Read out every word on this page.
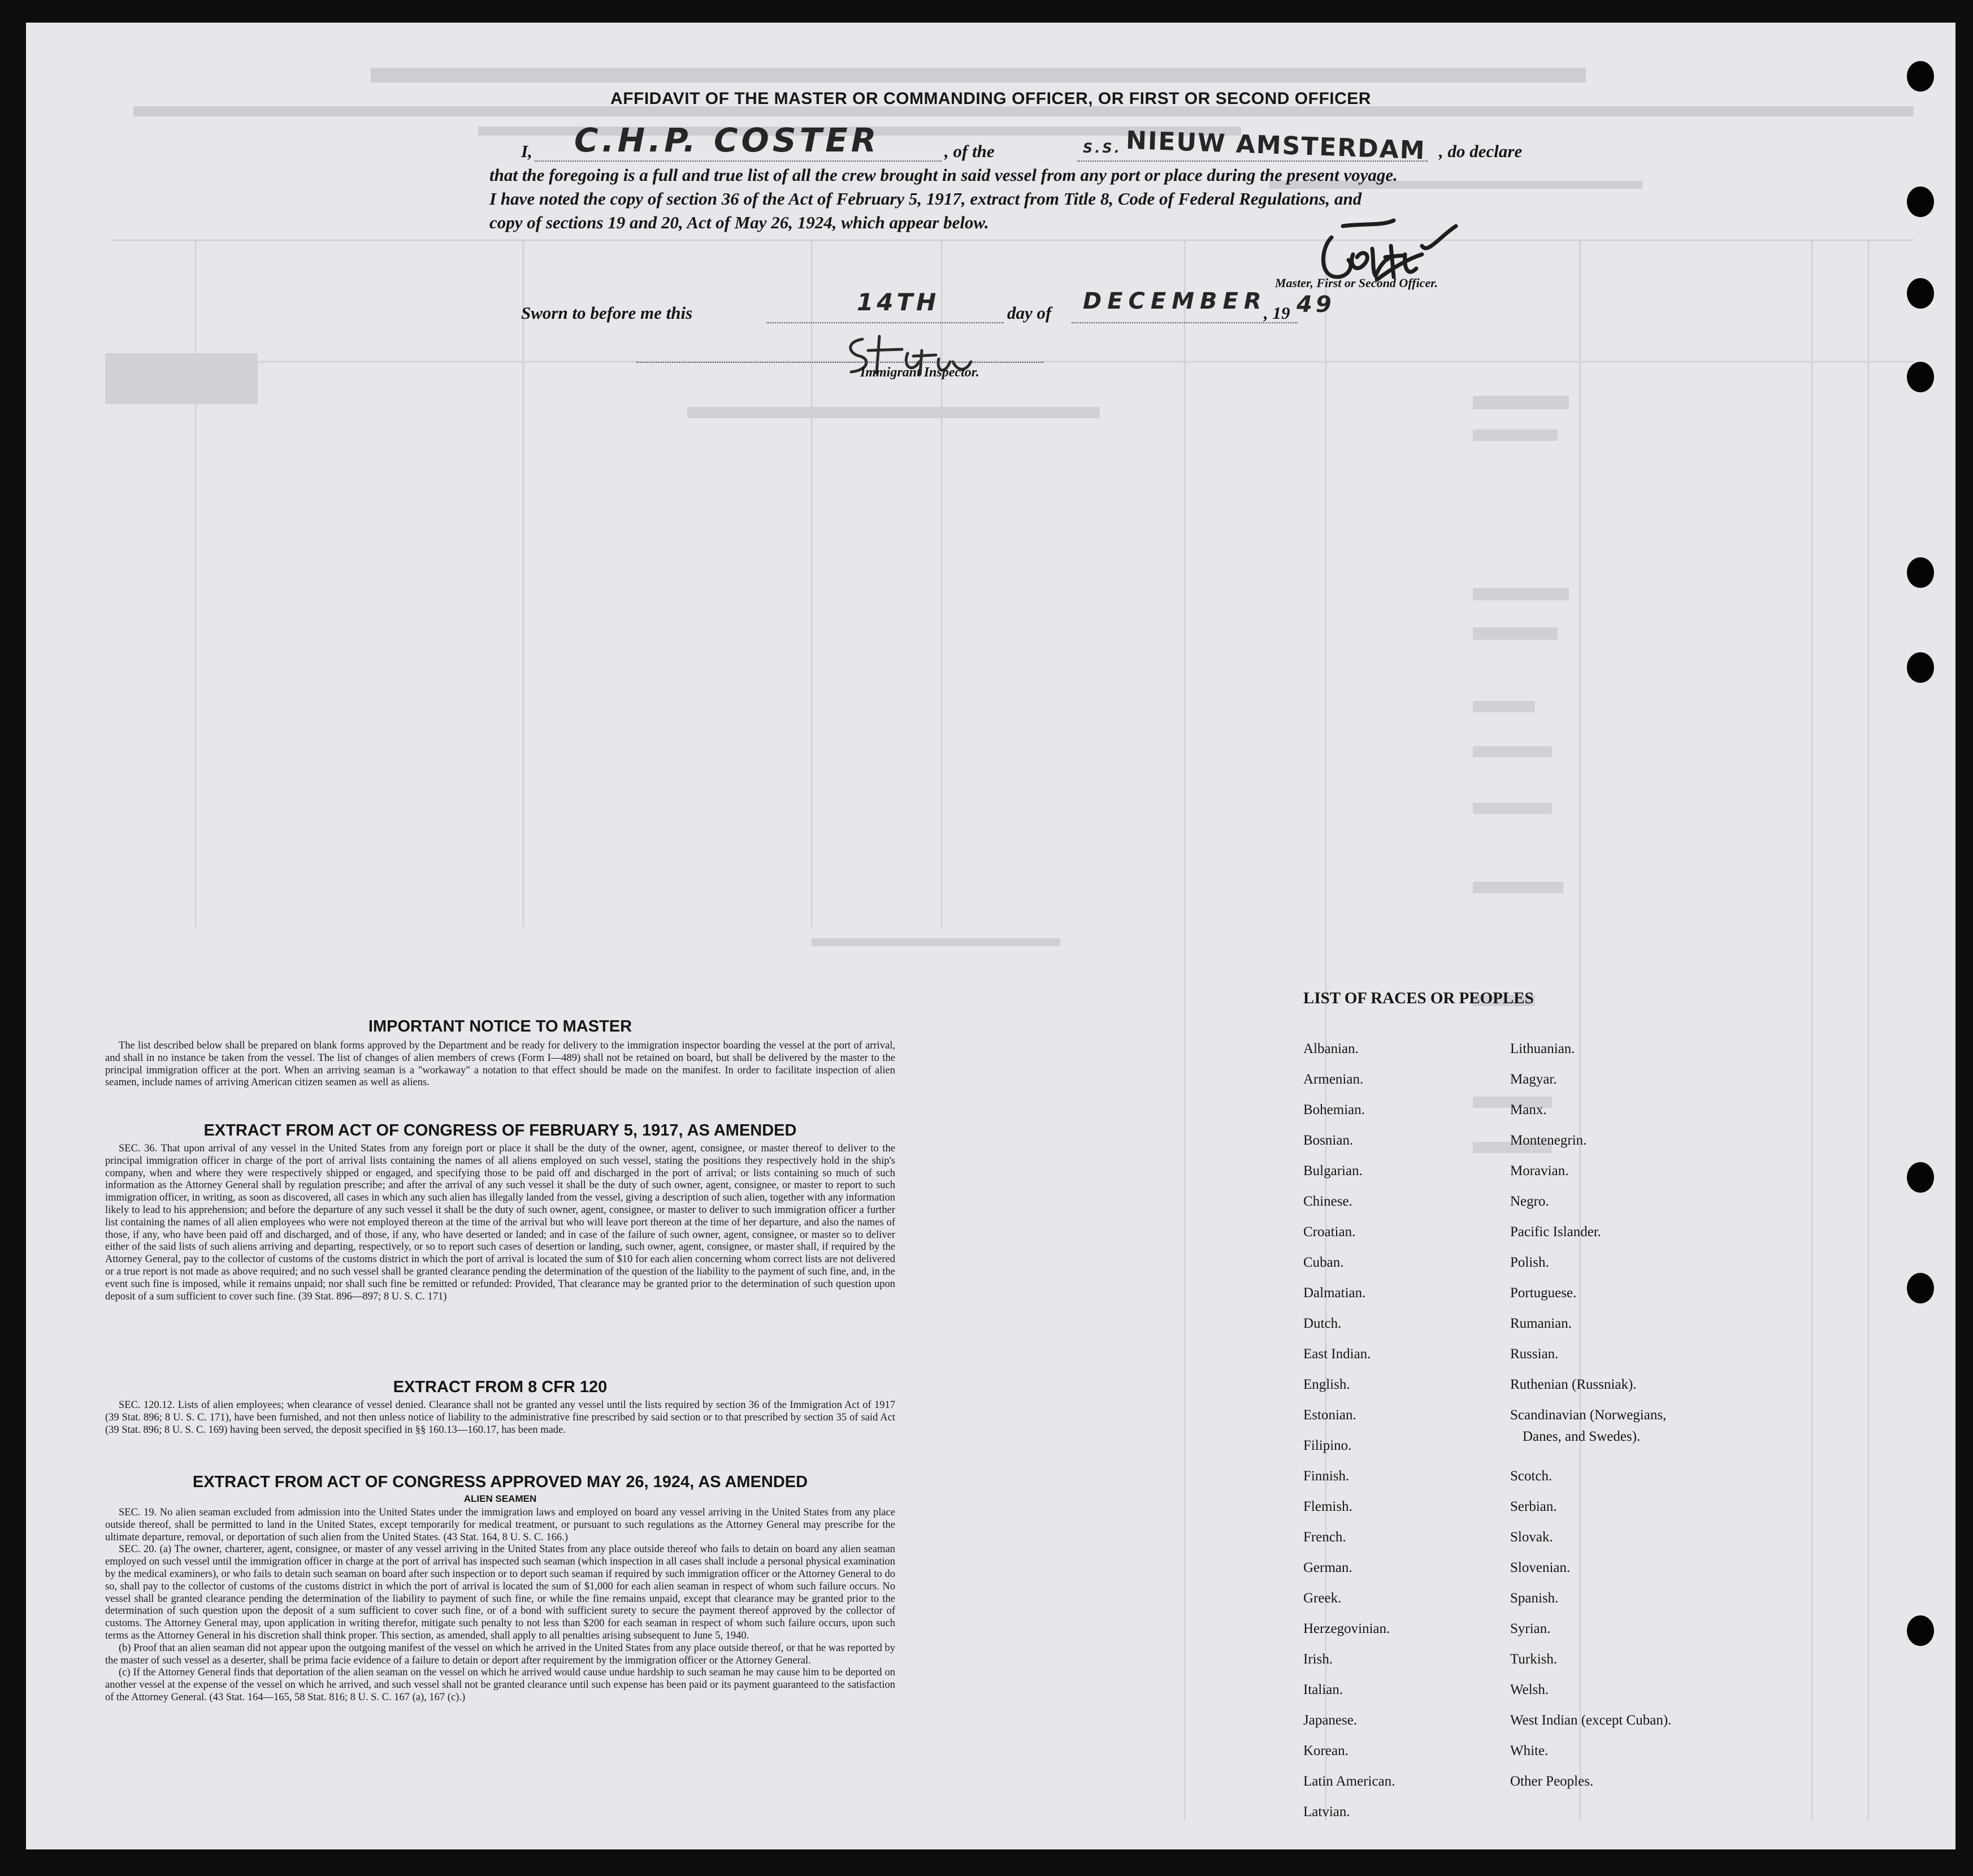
AFFIDAVIT OF THE MASTER OR COMMANDING OFFICER, OR FIRST OR SECOND OFFICER
I, C.H.P. COSTER	, of the	S.S. NIEUW AMSTERDAM , do declare
that the foregoing is a full and true list of all the crew brought in said vessel from any port or place during the present voyage.
I have noted the copy of section 36 of the Act of February 5, 1917, extract from Title 8, Code of Federal Regulations, and
copy of sections 19 and 20, Act of May 26, 1924, which appear below.
Master, First or Second Officer.
Sworn to before me this	14TH	day of DECEMBER
, 19 49
Immigrant Inspector.
IMPORTANT NOTICE TO MASTER

The list described below shall be prepared on blank forms approved by the Department and be ready for delivery to the immigration inspector boarding the vessel at the port of arrival, and shall in no instance be taken from the vessel. The list of changes of alien members of crews (Form I—489) shall not be retained on board, but shall be delivered by the master to the principal immigration officer at the port. When an arriving seaman is a "workaway" a notation to that effect should be made on the manifest. In order to facilitate inspection of alien seamen, include names of arriving American citizen seamen as well as aliens.

EXTRACT FROM ACT OF CONGRESS OF FEBRUARY 5, 1917, AS AMENDED

SEC. 36. That upon arrival of any vessel in the United States from any foreign port or place it shall be the duty of the owner, agent, consignee, or master thereof to deliver to the principal immigration officer in charge of the port of arrival lists containing the names of all aliens employed on such vessel, stating the positions they respectively hold in the ship's company, when and where they were respectively shipped or engaged, and specifying those to be paid off and discharged in the port of arrival; or lists containing so much of such information as the Attorney General shall by regulation prescribe; and after the arrival of any such vessel it shall be the duty of such owner, agent, consignee, or master to report to such immigration officer, in writing, as soon as discovered, all cases in which any such alien has illegally landed from the vessel, giving a description of such alien, together with any information likely to lead to his apprehension; and before the departure of any such vessel it shall be the duty of such owner, agent, consignee, or master to deliver to such immigration officer a further list containing the names of all alien employees who were not employed thereon at the time of the arrival but who will leave port thereon at the time of her departure, and also the names of those, if any, who have been paid off and discharged, and of those, if any, who have deserted or landed; and in case of the failure of such owner, agent, consignee, or master so to deliver either of the said lists of such aliens arriving and departing, respectively, or so to report such cases of desertion or landing, such owner, agent, consignee, or master shall, if required by the Attorney General, pay to the collector of customs of the customs district in which the port of arrival is located the sum of $10 for each alien concerning whom correct lists are not delivered or a true report is not made as above required; and no such vessel shall be granted clearance pending the determination of the question of the liability to the payment of such fine, and, in the event such fine is imposed, while it remains unpaid; nor shall such fine be remitted or refunded: Provided, That clearance may be granted prior to the determination of such question upon deposit of a sum sufficient to cover such fine. (39 Stat. 896—897; 8 U. S. C. 171)

EXTRACT FROM 8 CFR 120

SEC. 120.12. Lists of alien employees; when clearance of vessel denied. Clearance shall not be granted any vessel until the lists required by section 36 of the Immigration Act of 1917 (39 Stat. 896; 8 U. S. C. 171), have been furnished, and not then unless notice of liability to the administrative fine prescribed by said section or to that prescribed by section 35 of said Act (39 Stat. 896; 8 U. S. C. 169) having been served, the deposit specified in §§ 160.13—160.17, has been made.

EXTRACT FROM ACT OF CONGRESS APPROVED MAY 26, 1924, AS AMENDED
ALIEN SEAMEN

SEC. 19. No alien seaman excluded from admission into the United States under the immigration laws and employed on board any vessel arriving in the United States from any place outside thereof, shall be permitted to land in the United States, except temporarily for medical treatment, or pursuant to such regulations as the Attorney General may prescribe for the ultimate departure, removal, or deportation of such alien from the United States. (43 Stat. 164, 8 U. S. C. 166.)

SEC. 20. (a) The owner, charterer, agent, consignee, or master of any vessel arriving in the United States from any place outside thereof who fails to detain on board any alien seaman employed on such vessel until the immigration officer in charge at the port of arrival has inspected such seaman (which inspection in all cases shall include a personal physical examination by the medical examiners), or who fails to detain such seaman on board after such inspection or to deport such seaman if required by such immigration officer or the Attorney General to do so, shall pay to the collector of customs of the customs district in which the port of arrival is located the sum of $1,000 for each alien seaman in respect of whom such failure occurs. No vessel shall be granted clearance pending the determination of the liability to payment of such fine, or while the fine remains unpaid, except that clearance may be granted prior to the determination of such question upon the deposit of a sum sufficient to cover such fine, or of a bond with sufficient surety to secure the payment thereof approved by the collector of customs. The Attorney General may, upon application in writing therefor, mitigate such penalty to not less than $200 for each seaman in respect of whom such failure occurs, upon such terms as the Attorney General in his discretion shall think proper. This section, as amended, shall apply to all penalties arising subsequent to June 5, 1940.

(b) Proof that an alien seaman did not appear upon the outgoing manifest of the vessel on which he arrived in the United States from any place outside thereof, or that he was reported by the master of such vessel as a deserter, shall be prima facie evidence of a failure to detain or deport after requirement by the immigration officer or the Attorney General.

(c) If the Attorney General finds that deportation of the alien seaman on the vessel on which he arrived would cause undue hardship to such seaman he may cause him to be deported on another vessel at the expense of the vessel on which he arrived, and such vessel shall not be granted clearance until such expense has been paid or its payment guaranteed to the satisfaction of the Attorney General. (43 Stat. 164—165, 58 Stat. 816; 8 U. S. C. 167 (a), 167 (c).)

LIST OF RACES OR PEOPLES
Albanian.
Armenian.
Bohemian.
Bosnian.
Bulgarian.
Chinese.
Croatian.
Cuban.
Dalmatian.
Dutch.
East Indian.
English.
Estonian.
Filipino.
Finnish.
Flemish.
French.
German.
Greek.
Herzegovinian.
Irish.
Italian.
Japanese.
Korean.
Latin American.
Latvian.
Lithuanian.
Magyar.
Manx.
Montenegrin.
Moravian.
Negro.
Pacific Islander.
Polish.
Portuguese.
Rumanian.
Russian.
Ruthenian (Russniak).
Scandinavian (Norwegians,
Danes, and Swedes).
Scotch.
Serbian.
Slovak.
Slovenian.
Spanish.
Syrian.
Turkish.
Welsh.
West Indian (except Cuban).
White.
Other Peoples.
